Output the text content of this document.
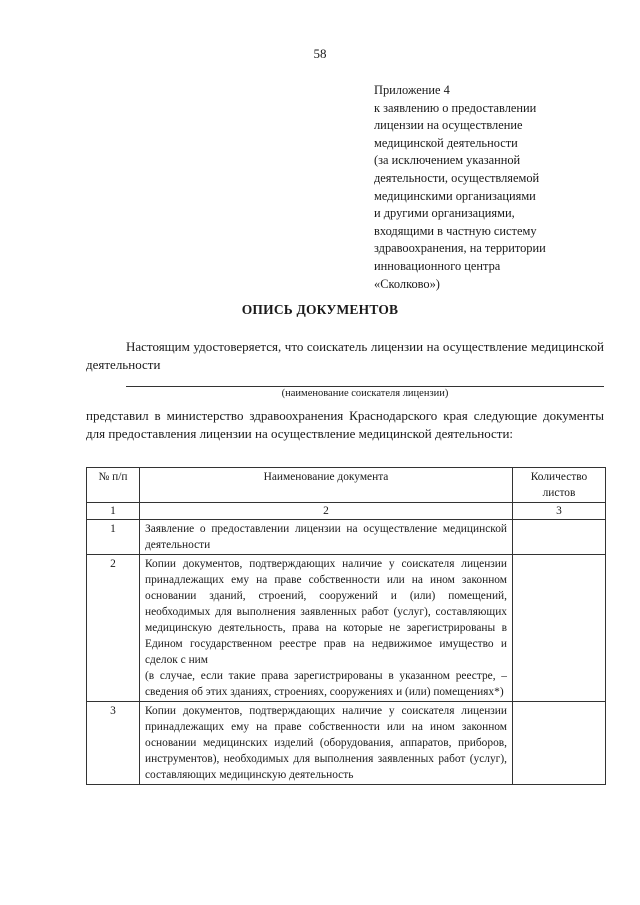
58
Приложение 4
к заявлению о предоставлении
лицензии на осуществление
медицинской деятельности
(за исключением указанной
деятельности, осуществляемой
медицинскими организациями
и другими организациями,
входящими в частную систему
здравоохранения, на территории
инновационного центра
«Сколково»)
ОПИСЬ ДОКУМЕНТОВ
Настоящим удостоверяется, что соискатель лицензии на осуществление медицинской деятельности
(наименование соискателя лицензии)
представил в министерство здравоохранения Краснодарского края следующие документы для предоставления лицензии на осуществление медицинской деятельности:
№ п/п	Наименование документа	Количество листов
1	2	3
1	Заявление о предоставлении лицензии на осуществление медицинской деятельности	

2	Копии документов, подтверждающих наличие у соискателя лицензии принадлежащих ему на праве собственности или на ином законном основании зданий, строений, сооружений и (или) помещений, необходимых для выполнения заявленных работ (услуг), составляющих медицинскую деятельность, права на которые не зарегистрированы в Едином государственном реестре прав на недвижимое имущество и сделок с ним
(в случае, если такие права зарегистрированы в указанном реестре, – сведения об этих зданиях, строениях, сооружениях и (или) помещениях*)	

3	Копии документов, подтверждающих наличие у соискателя лицензии принадлежащих ему на праве собственности или на ином законном основании медицинских изделий (оборудования, аппаратов, приборов, инструментов), необходимых для выполнения заявленных работ (услуг), составляющих медицинскую деятельность	
